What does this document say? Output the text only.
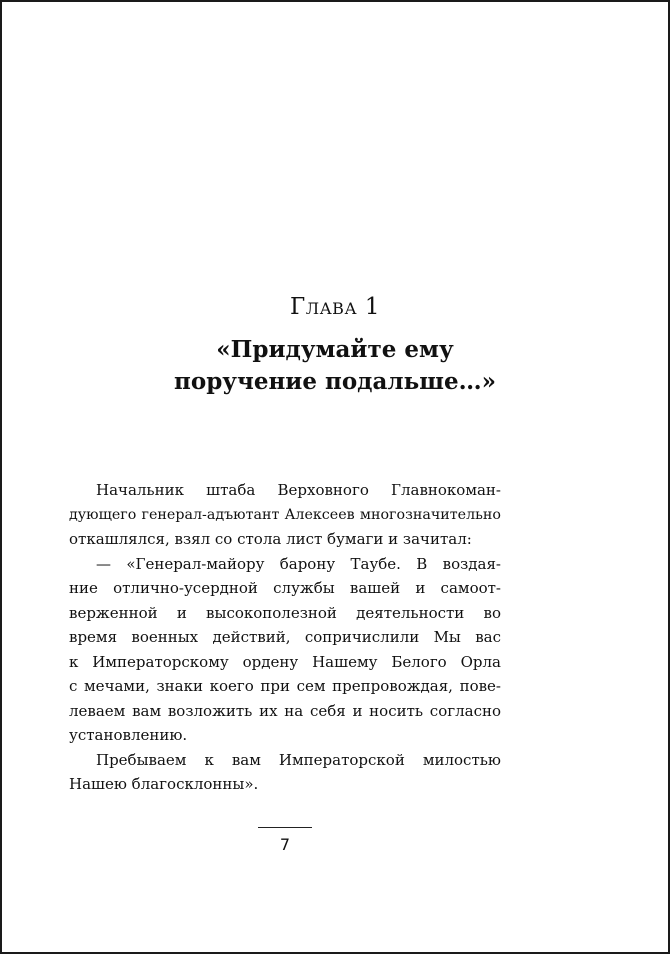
Глава 1
«Придумайте ему
поручение подальше…»
Начальник штаба Верховного Главнокоман-
дующего генерал-адъютант Алексеев многозначительно
откашлялся, взял со стола лист бумаги и зачитал:
— «Генерал-майору барону Таубе. В воздая-
ние отлично-усердной службы вашей и самоот-
верженной и высокополезной деятельности во
время военных действий, сопричислили Мы вас
к Императорскому ордену Нашему Белого Орла
с мечами, знаки коего при сем препровождая, пове-
леваем вам возложить их на себя и носить согласно
установлению.
Пребываем к вам Императорской милостью
Нашею благосклонны».
7
